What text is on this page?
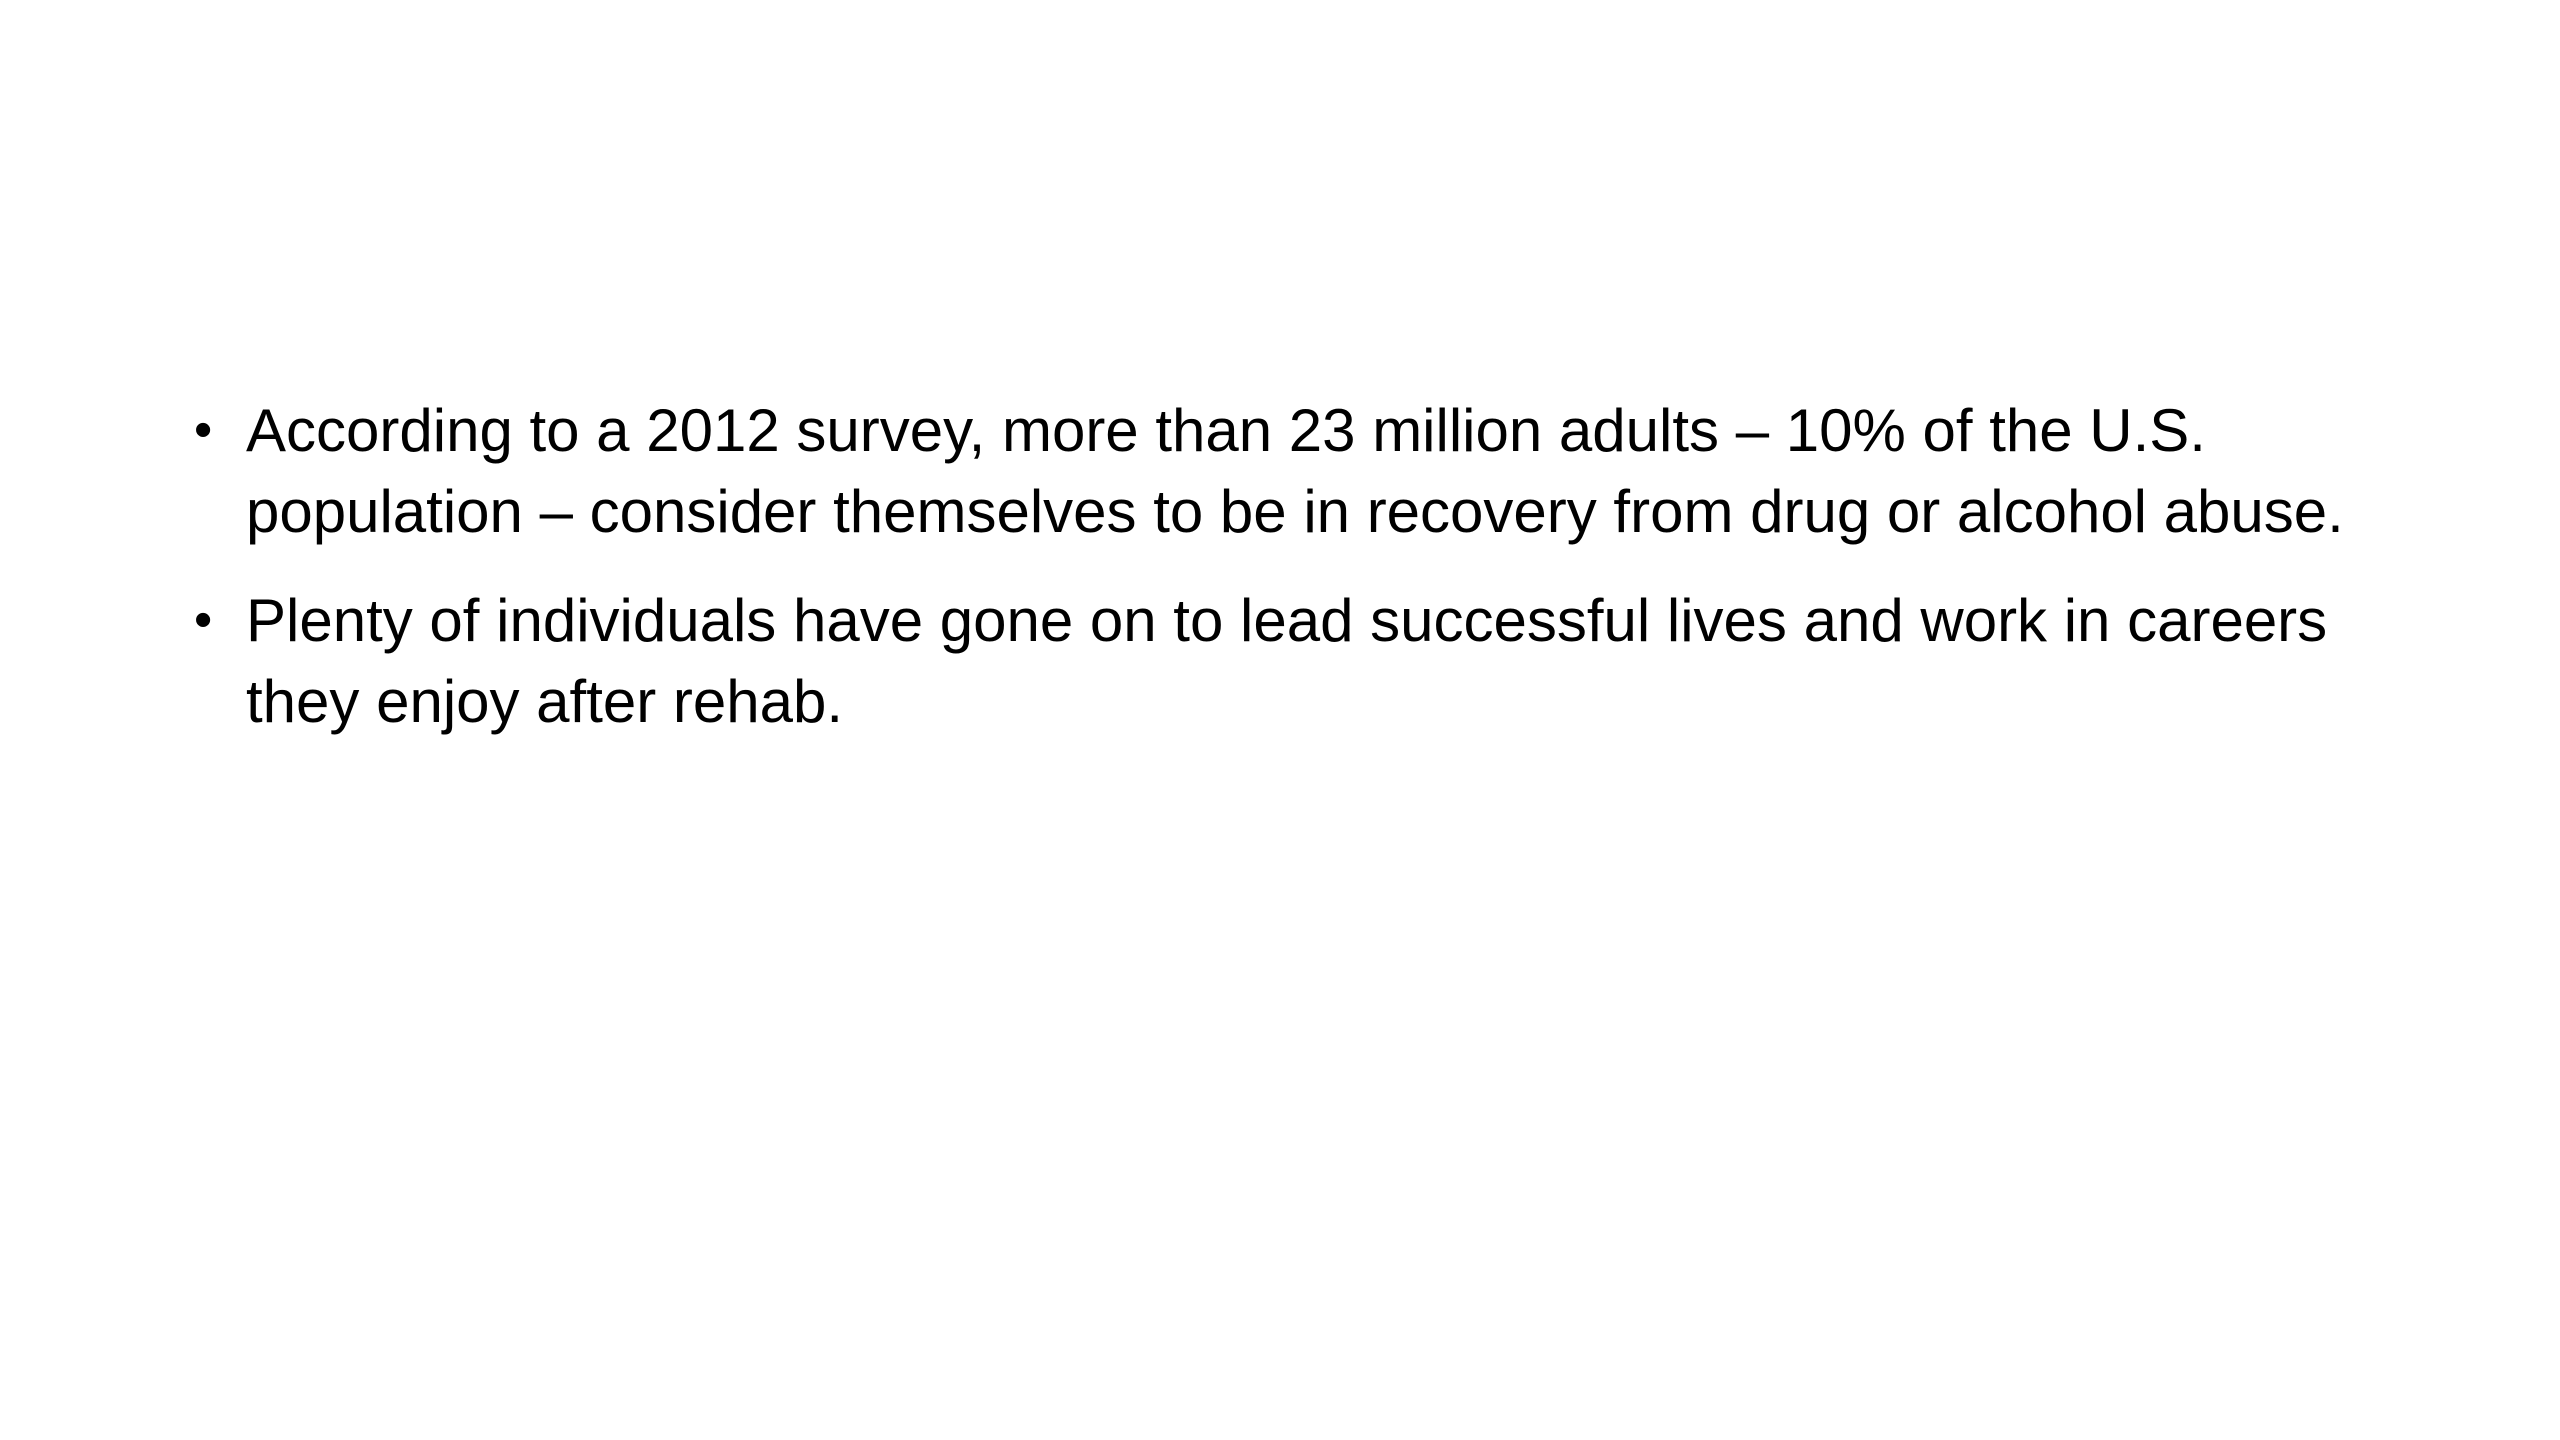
• According to a 2012 survey, more than 23 million adults – 10% of the U.S. population – consider themselves to be in recovery from drug or alcohol abuse.
• Plenty of individuals have gone on to lead successful lives and work in careers they enjoy after rehab.
